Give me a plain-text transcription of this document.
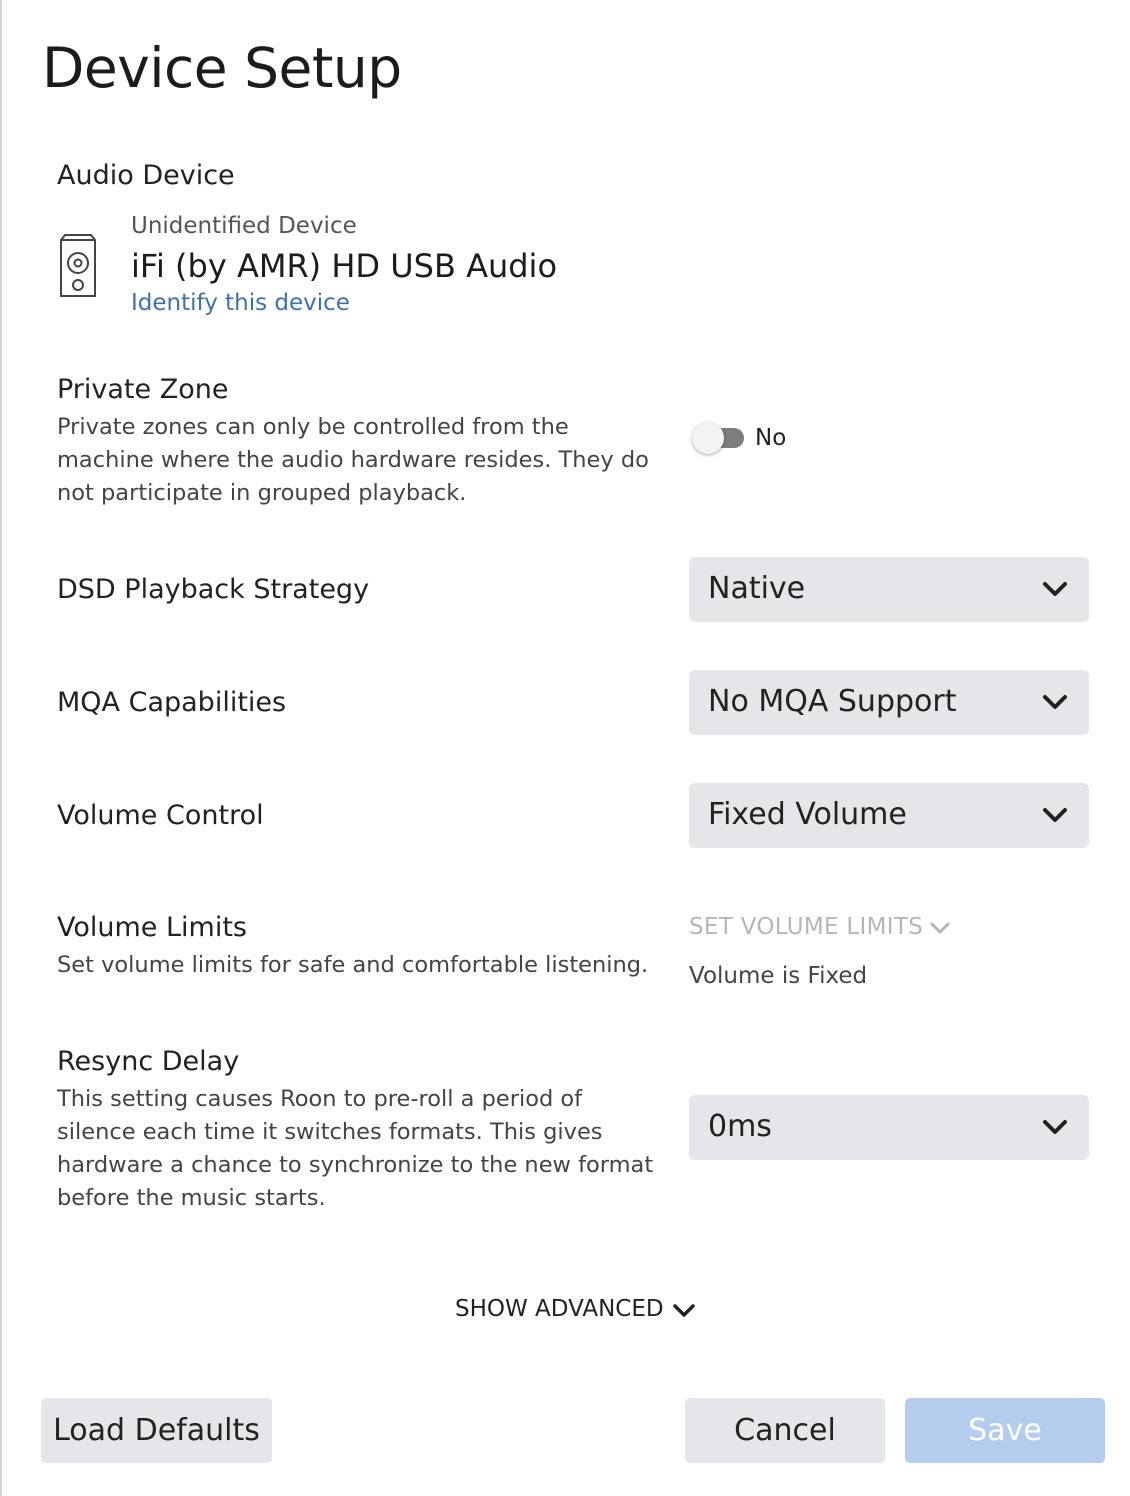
Device Setup
Audio Device
Unidentified Device
iFi (by AMR) HD USB Audio
Identify this device
Private Zone
Private zones can only be controlled from the machine where the audio hardware resides. They do not participate in grouped playback.
No
DSD Playback Strategy	Native
MQA Capabilities	No MQA Support
Volume Control	Fixed Volume
Volume Limits
Set volume limits for safe and comfortable listening.
SET VOLUME LIMITS
Volume is Fixed
Resync Delay
This setting causes Roon to pre-roll a period of silence each time it switches formats. This gives hardware a chance to synchronize to the new format before the music starts.
0ms
SHOW ADVANCED
Load Defaults	Cancel	Save
